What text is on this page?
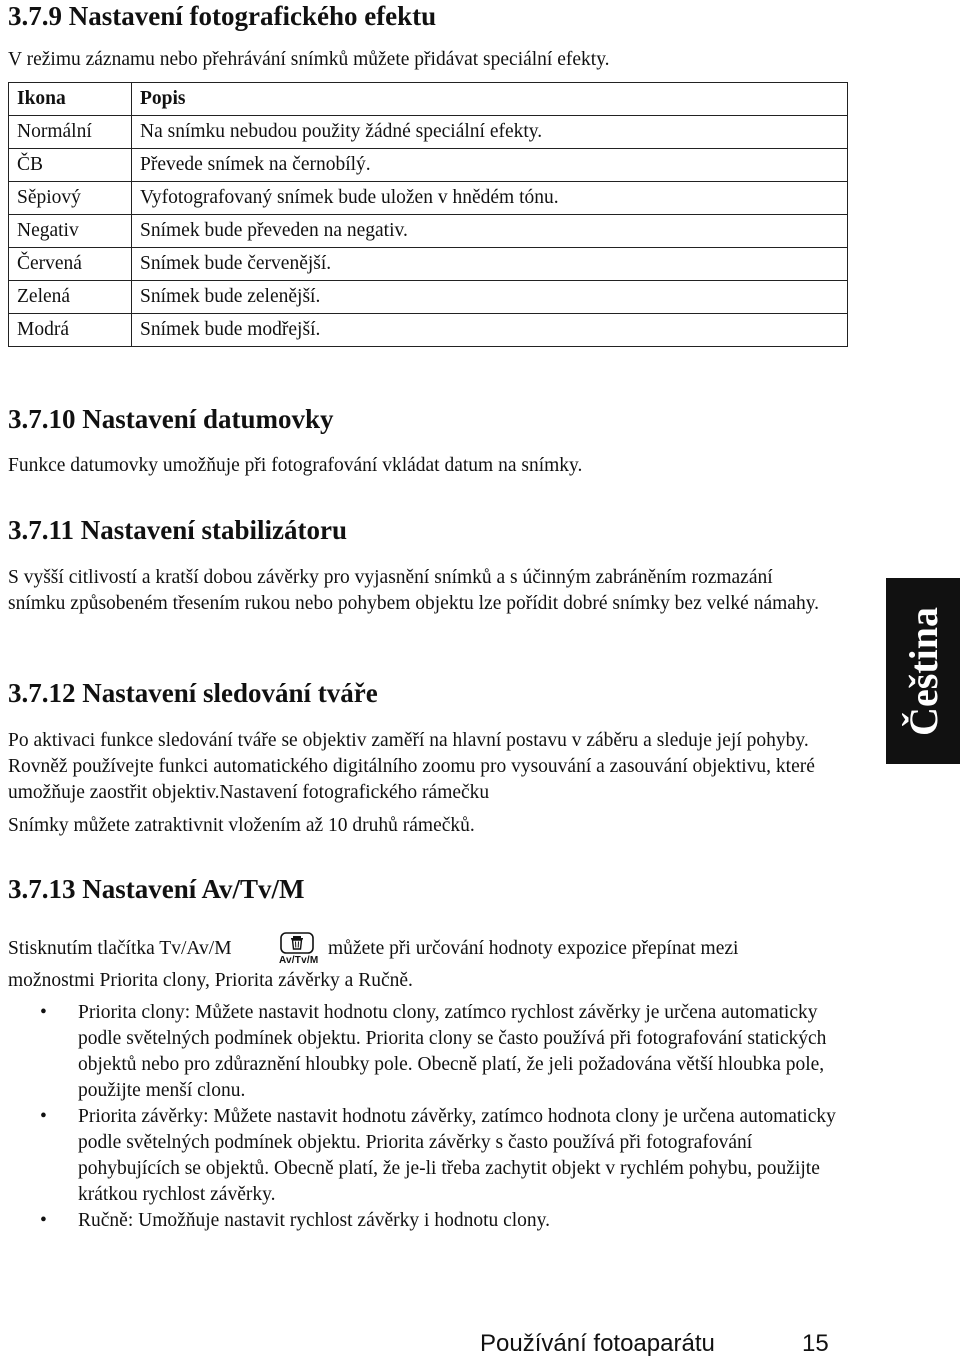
3.7.9 Nastavení fotografického efektu

V režimu záznamu nebo přehrávání snímků můžete přidávat speciální efekty.

Ikona	Popis
Normální	Na snímku nebudou použity žádné speciální efekty.
ČB	Převede snímek na černobílý.
Sěpiový	Vyfotografovaný snímek bude uložen v hnědém tónu.
Negativ	Snímek bude převeden na negativ.
Červená	Snímek bude červenější.
Zelená	Snímek bude zelenější.
Modrá	Snímek bude modřejší.
3.7.10 Nastavení datumovky

Funkce datumovky umožňuje při fotografování vkládat datum na snímky.

3.7.11 Nastavení stabilizátoru

S vyšší citlivostí a kratší dobou závěrky pro vyjasnění snímků a s účinným zabráněním rozmazání snímku způsobeném třesením rukou nebo pohybem objektu lze pořídit dobré snímky bez velké námahy.

3.7.12 Nastavení sledování tváře

Po aktivaci funkce sledování tváře se objektiv zaměří na hlavní postavu v záběru a sleduje její pohyby. Rovněž používejte funkci automatického digitálního zoomu pro vysouvání a zasouvání objektivu, které umožňuje zaostřit objektiv.Nastavení fotografického rámečku

Snímky můžete zatraktivnit vložením až 10 druhů rámečků.

3.7.13 Nastavení Av/Tv/M
Stisknutím tlačítka Tv/Av/M
Av/Tv/M
můžete při určování hodnoty expozice přepínat mezi
možnostmi Priorita clony, Priorita závěrky a Ručně.
• Priorita clony: Můžete nastavit hodnotu clony, zatímco rychlost závěrky je určena automaticky podle světelných podmínek objektu. Priorita clony se často používá při fotografování statických objektů nebo pro zdůraznění hloubky pole. Obecně platí, že jeli požadována větší hloubka pole, použijte menší clonu.
• Priorita závěrky: Můžete nastavit hodnotu závěrky, zatímco hodnota clony je určena automaticky podle světelných podmínek objektu. Priorita závěrky s často používá při fotografování pohybujících se objektů. Obecně platí, že je-li třeba zachytit objekt v rychlém pohybu, použijte krátkou rychlost závěrky.
• Ručně: Umožňuje nastavit rychlost závěrky i hodnotu clony.
Čeština
Používání fotoaparátu	15
